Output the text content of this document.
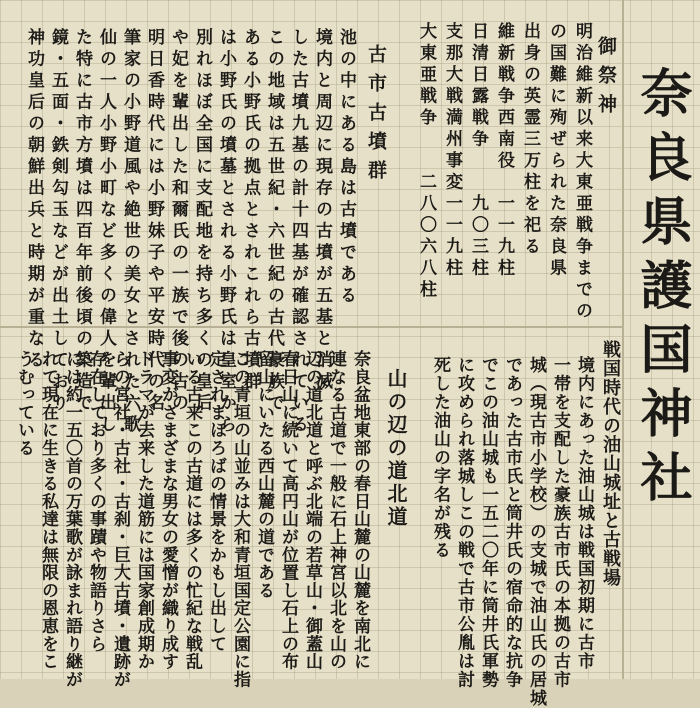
奈良県護国神社
御祭神
明治維新以来大東亜戦争までの
の国難に殉ぜられた奈良県
出身の英霊三万柱を祀る
維新戦争西南役　一一九柱
日清日露戦争　　九〇三柱
支那大戦満州事変一一九柱
大東亜戦争　　二八〇六八柱
古市古墳群
池の中にある島は古墳である
境内と周辺に現存の古墳が五基と消滅
した古墳九基の計十四基が確認されている
この地域は五世紀・六世紀の古代豪族で
ある小野氏の拠点とされこれら古墳群
は小野氏の墳墓とされる小野氏は皇室から
別れほぼ全国に支配地を持ち多くの皇后
や妃を輩出した和爾氏の一族で後の古の
明日香時代には小野妹子や平安時代の名
筆家の小野道風や絶世の美女とされた六歌
仙の一人小野小町など多くの偉人を輩出し
た特に古市方墳は四百年前後頃の築造で
鏡・五面・鉄剣勾玉などが出土しており
神功皇后の朝鮮出兵と時期が重なる
戦国時代の油山城址と古戦場
境内にあった油山城は戦国初期に古市
一帯を支配した豪族古市氏の本拠の古市
城（現古市小学校）の支城で油山氏の居城
であった古市氏と筒井氏の宿命的な抗争
でこの油山城も一五二〇年に筒井氏軍勢
に攻められ落城しこの戦で古市公胤は討
死した油山の字名が残る
山の辺の道北道
奈良盆地東部の春日山麓の山麓を南北に
連なる古道で一般に石上神宮以北を山の
辺の道北道と呼ぶ北端の若草山・御蓋山
春日山に続いて高円山が位置し石上の布
留山にいたる西山麓の道である
この青垣の山並みは大和青垣国定公園に指
定されまほろばの情景をかもし出して
いる古来この古道には多くの忙紀な戦乱
事変がさまざまな男女の愛憎が織り成す
ドラマが去来した道筋には国家創成期か
らの宮社・古社・古刹・巨大古墳・遺跡が
存在しており多くの事蹟や物語りさら
には約一五〇首の万葉歌が詠まれ語り継が
れて現在に生きる私達は無限の恩恵をこ
うむっている
